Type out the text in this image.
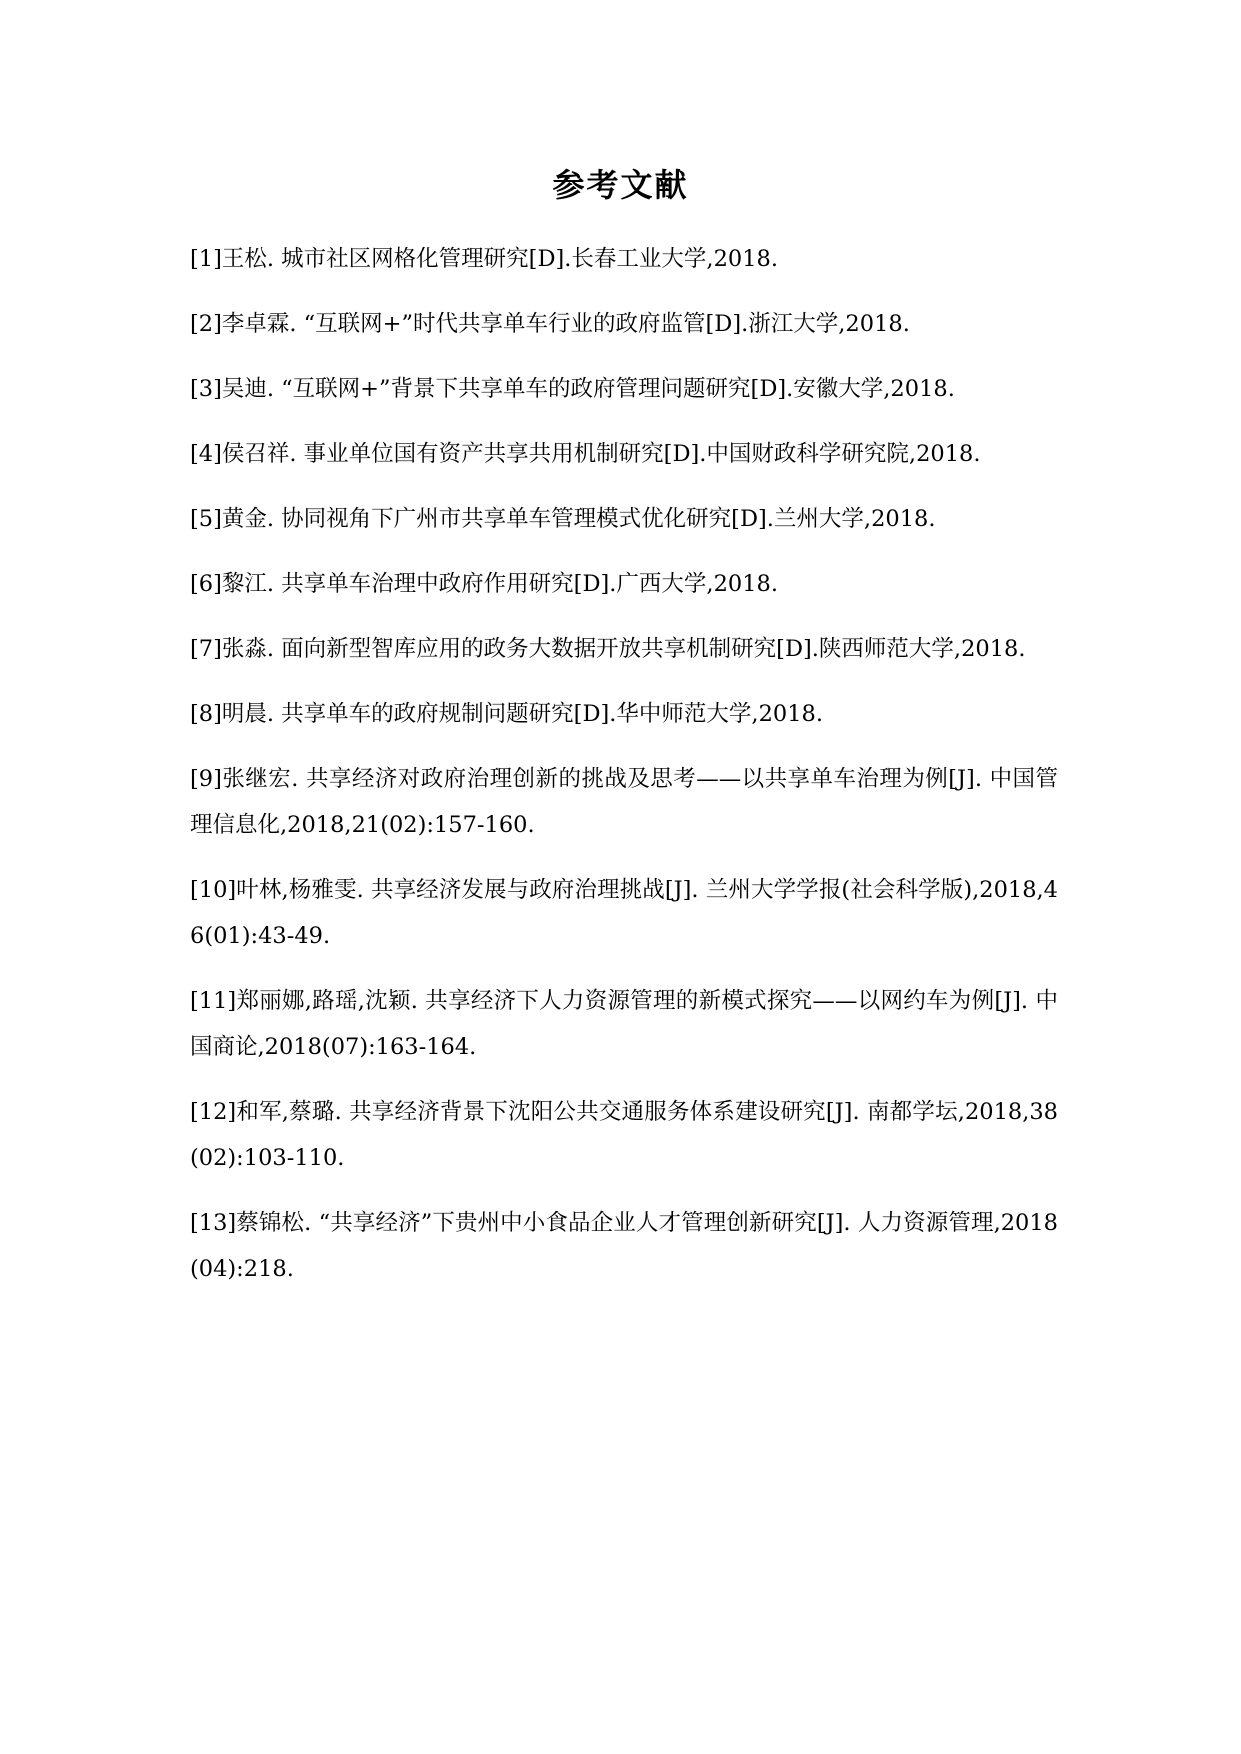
参考文献

[1]王松. 城市社区网格化管理研究[D].长春工业大学,2018.

[2]李卓霖. “互联网+”时代共享单车行业的政府监管[D].浙江大学,2018.

[3]吴迪. “互联网+”背景下共享单车的政府管理问题研究[D].安徽大学,2018.

[4]侯召祥. 事业单位国有资产共享共用机制研究[D].中国财政科学研究院,2018.

[5]黄金. 协同视角下广州市共享单车管理模式优化研究[D].兰州大学,2018.

[6]黎江. 共享单车治理中政府作用研究[D].广西大学,2018.

[7]张淼. 面向新型智库应用的政务大数据开放共享机制研究[D].陕西师范大学,2018.

[8]明晨. 共享单车的政府规制问题研究[D].华中师范大学,2018.

[9]张继宏. 共享经济对政府治理创新的挑战及思考——以共享单车治理为例[J]. 中国管理信息化,2018,21(02):157-160.

[10]叶林,杨雅雯. 共享经济发展与政府治理挑战[J]. 兰州大学学报(社会科学版),2018,46(01):43-49.

[11]郑丽娜,路瑶,沈颖. 共享经济下人力资源管理的新模式探究——以网约车为例[J]. 中国商论,2018(07):163-164.

[12]和军,蔡璐. 共享经济背景下沈阳公共交通服务体系建设研究[J]. 南都学坛,2018,38(02):103-110.

[13]蔡锦松. “共享经济”下贵州中小食品企业人才管理创新研究[J]. 人力资源管理,2018(04):218.
